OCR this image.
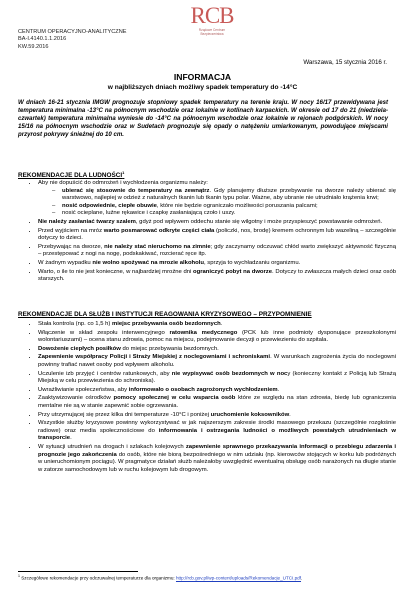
CENTRUM OPERACYJNO-ANALITYCZNE
BA-I.4140.1.1.2016
KW.59.2016
RCB
Rządowe Centrum
Bezpieczeństwa
Warszawa, 15 stycznia 2016 r.
INFORMACJA
w najbliższych dniach możliwy spadek temperatury do -14°C
W dniach 16-21 stycznia IMGW prognozuje stopniowy spadek temperatury na terenie kraju. W nocy 16/17 przewidywana jest temperatura minimalna -13°C na północnym wschodzie oraz lokalnie w kotlinach karpackich. W okresie od 17 do 21 (niedziela-czwartek) temperatura minimalna wyniesie do -14°C na północnym wschodzie oraz lokalnie w rejonach podgórskich. W nocy 15/16 na północnym wschodzie oraz w Sudetach prognozuje się opady o natężeniu umiarkowanym, powodujące miejscami przyrost pokrywy śnieżnej do 10 cm.
REKOMENDACJE DLA LUDNOŚCI$^1$
• Aby nie dopuścić do odmrożeń i wychłodzenia organizmu należy:
– ubierać się stosownie do temperatury na zewnątrz. Gdy planujemy dłuższe przebywanie na dworze należy ubierać się warstwowo, najlepiej w odzież z naturalnych tkanin lub tkanin typu polar. Ważne, aby ubranie nie utrudniało krążenia krwi;
– nosić odpowiednie, ciepłe obuwie, które nie będzie ograniczało możliwości poruszania palcami;
– nosić ocieplane, luźne rękawice i czapkę zasłaniającą czoło i uszy.
• Nie należy zasłaniać twarzy szalem, gdyż pod wpływem oddechu stanie się wilgotny i może przyspieszyć powstawanie odmrożeń.
• Przed wyjściem na mróz warto posmarować odkryte części ciała (policzki, nos, brodę) kremem ochronnym lub wazeliną – szczególnie dotyczy to dzieci.
• Przebywając na dworze, nie należy stać nieruchomo na zimnie; gdy zaczynamy odczuwać chłód warto zwiększyć aktywność fizyczną – przestępować z nogi na nogę, podskakiwać, rozcierać ręce itp.
• W żadnym wypadku nie wolno spożywać na mrozie alkoholu, sprzyja to wychładzaniu organizmu.
• Warto, o ile to nie jest konieczne, w najbardziej mroźne dni ograniczyć pobyt na dworze. Dotyczy to zwłaszcza małych dzieci oraz osób starszych.
REKOMENDACJE DLA SŁUŻB I INSTYTUCJI REAGOWANIA KRYZYSOWEGO – PRZYPOMNIENIE
• Stała kontrola (np. co 1,5 h) miejsc przebywania osób bezdomnych.
• Włączenie w skład zespołu interwencyjnego ratownika medycznego (PCK lub inne podmioty dysponujące przeszkolonymi wolontariuszami) – ocena stanu zdrowia, pomoc na miejscu, podejmowanie decyzji o przewiezieniu do szpitala.
• Dowożenie ciepłych posiłków do miejsc przebywania bezdomnych.
• Zapewnienie współpracy Policji i Straży Miejskiej z noclegowniami i schroniskami. W warunkach zagrożenia życia do noclegowni powinny trafiać nawet osoby pod wpływem alkoholu.
• Uczulenie izb przyjęć i centrów ratunkowych, aby nie wypisywać osób bezdomnych w nocy (konieczny kontakt z Policją lub Strażą Miejską w celu przewiezienia do schroniska).
• Uwrażliwianie społeczeństwa, aby informowało o osobach zagrożonych wychłodzeniem.
• Zaaktywizowanie ośrodków pomocy społecznej w celu wsparcia osób które ze względu na stan zdrowia, biedę lub ograniczenia mentalne nie są w stanie zapewnić sobie ogrzewania.
• Przy utrzymującej się przez kilka dni temperaturze -10°C i poniżej uruchomienie koksowników.
• Wszystkie służby kryzysowe powinny wykorzystywać w jak najszerszym zakresie środki masowego przekazu (szczególnie rozgłośnie radiowe) oraz media społecznościowe do informowania i ostrzegania ludności o możliwych powstałych utrudnieniach w transporcie.
• W sytuacji utrudnień na drogach i szlakach kolejowych zapewnienie sprawnego przekazywania informacji o przebiegu zdarzenia i prognozie jego zakończenia do osób, które nie biorą bezpośredniego w nim udziału (np. kierowców stojących w korku lub podróżnych w unieruchomionym pociągu). W pragmatyce działań służb należałoby uwzględnić ewentualną obsługę osób narażonych na długie stanie w zatorze samochodowym lub w ruchu kolejowym lub drogowym.
$^1$ Szczegółowe rekomendacje przy odczuwalnej temperaturze dla organizmu: http://rcb.gov.pl/wp-content/uploads/Rekomendacje_UTCI.pdf.
